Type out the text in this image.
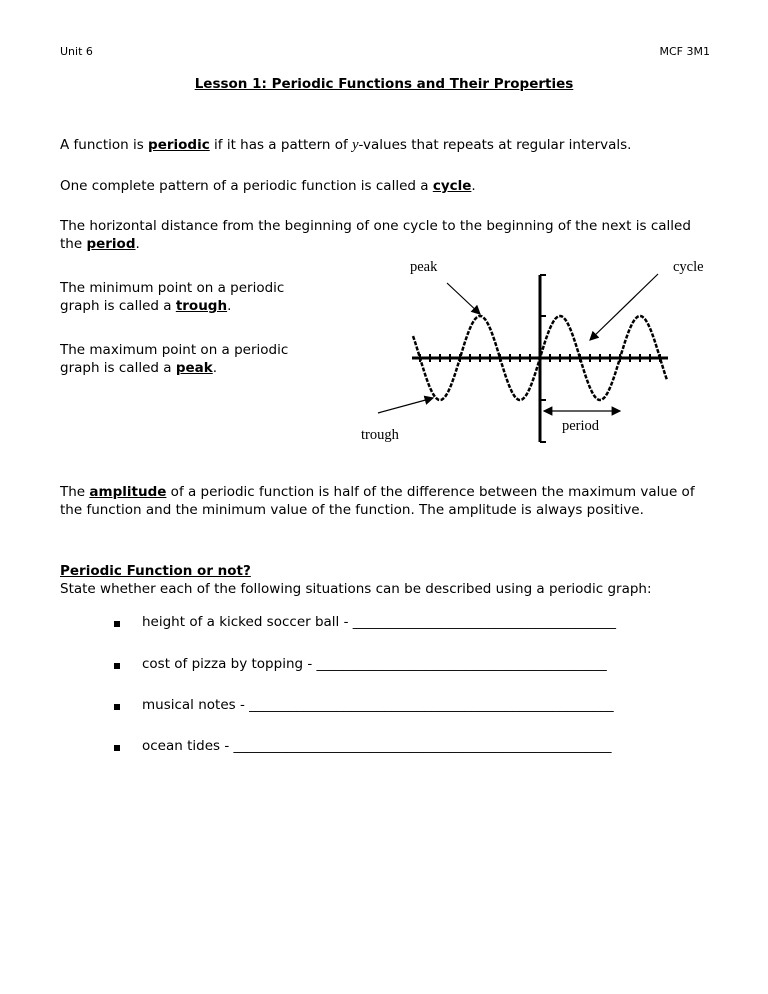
Unit 6	MCF 3M1
Lesson 1: Periodic Functions and Their Properties
A function is periodic if it has a pattern of y-values that repeats at regular intervals.
One complete pattern of a periodic function is called a cycle.
The horizontal distance from the beginning of one cycle to the beginning of the next is called
the period.
The minimum point on a periodic
graph is called a trough.
The maximum point on a periodic
graph is called a peak.
peak	cycle
trough
period
The amplitude of a periodic function is half of the difference between the maximum value of
the function and the minimum value of the function. The amplitude is always positive.
Periodic Function or not?
State whether each of the following situations can be described using a periodic graph:
height of a kicked soccer ball - _______________________________________
cost of pizza by topping - ___________________________________________
musical notes - ______________________________________________________
ocean tides - ________________________________________________________
